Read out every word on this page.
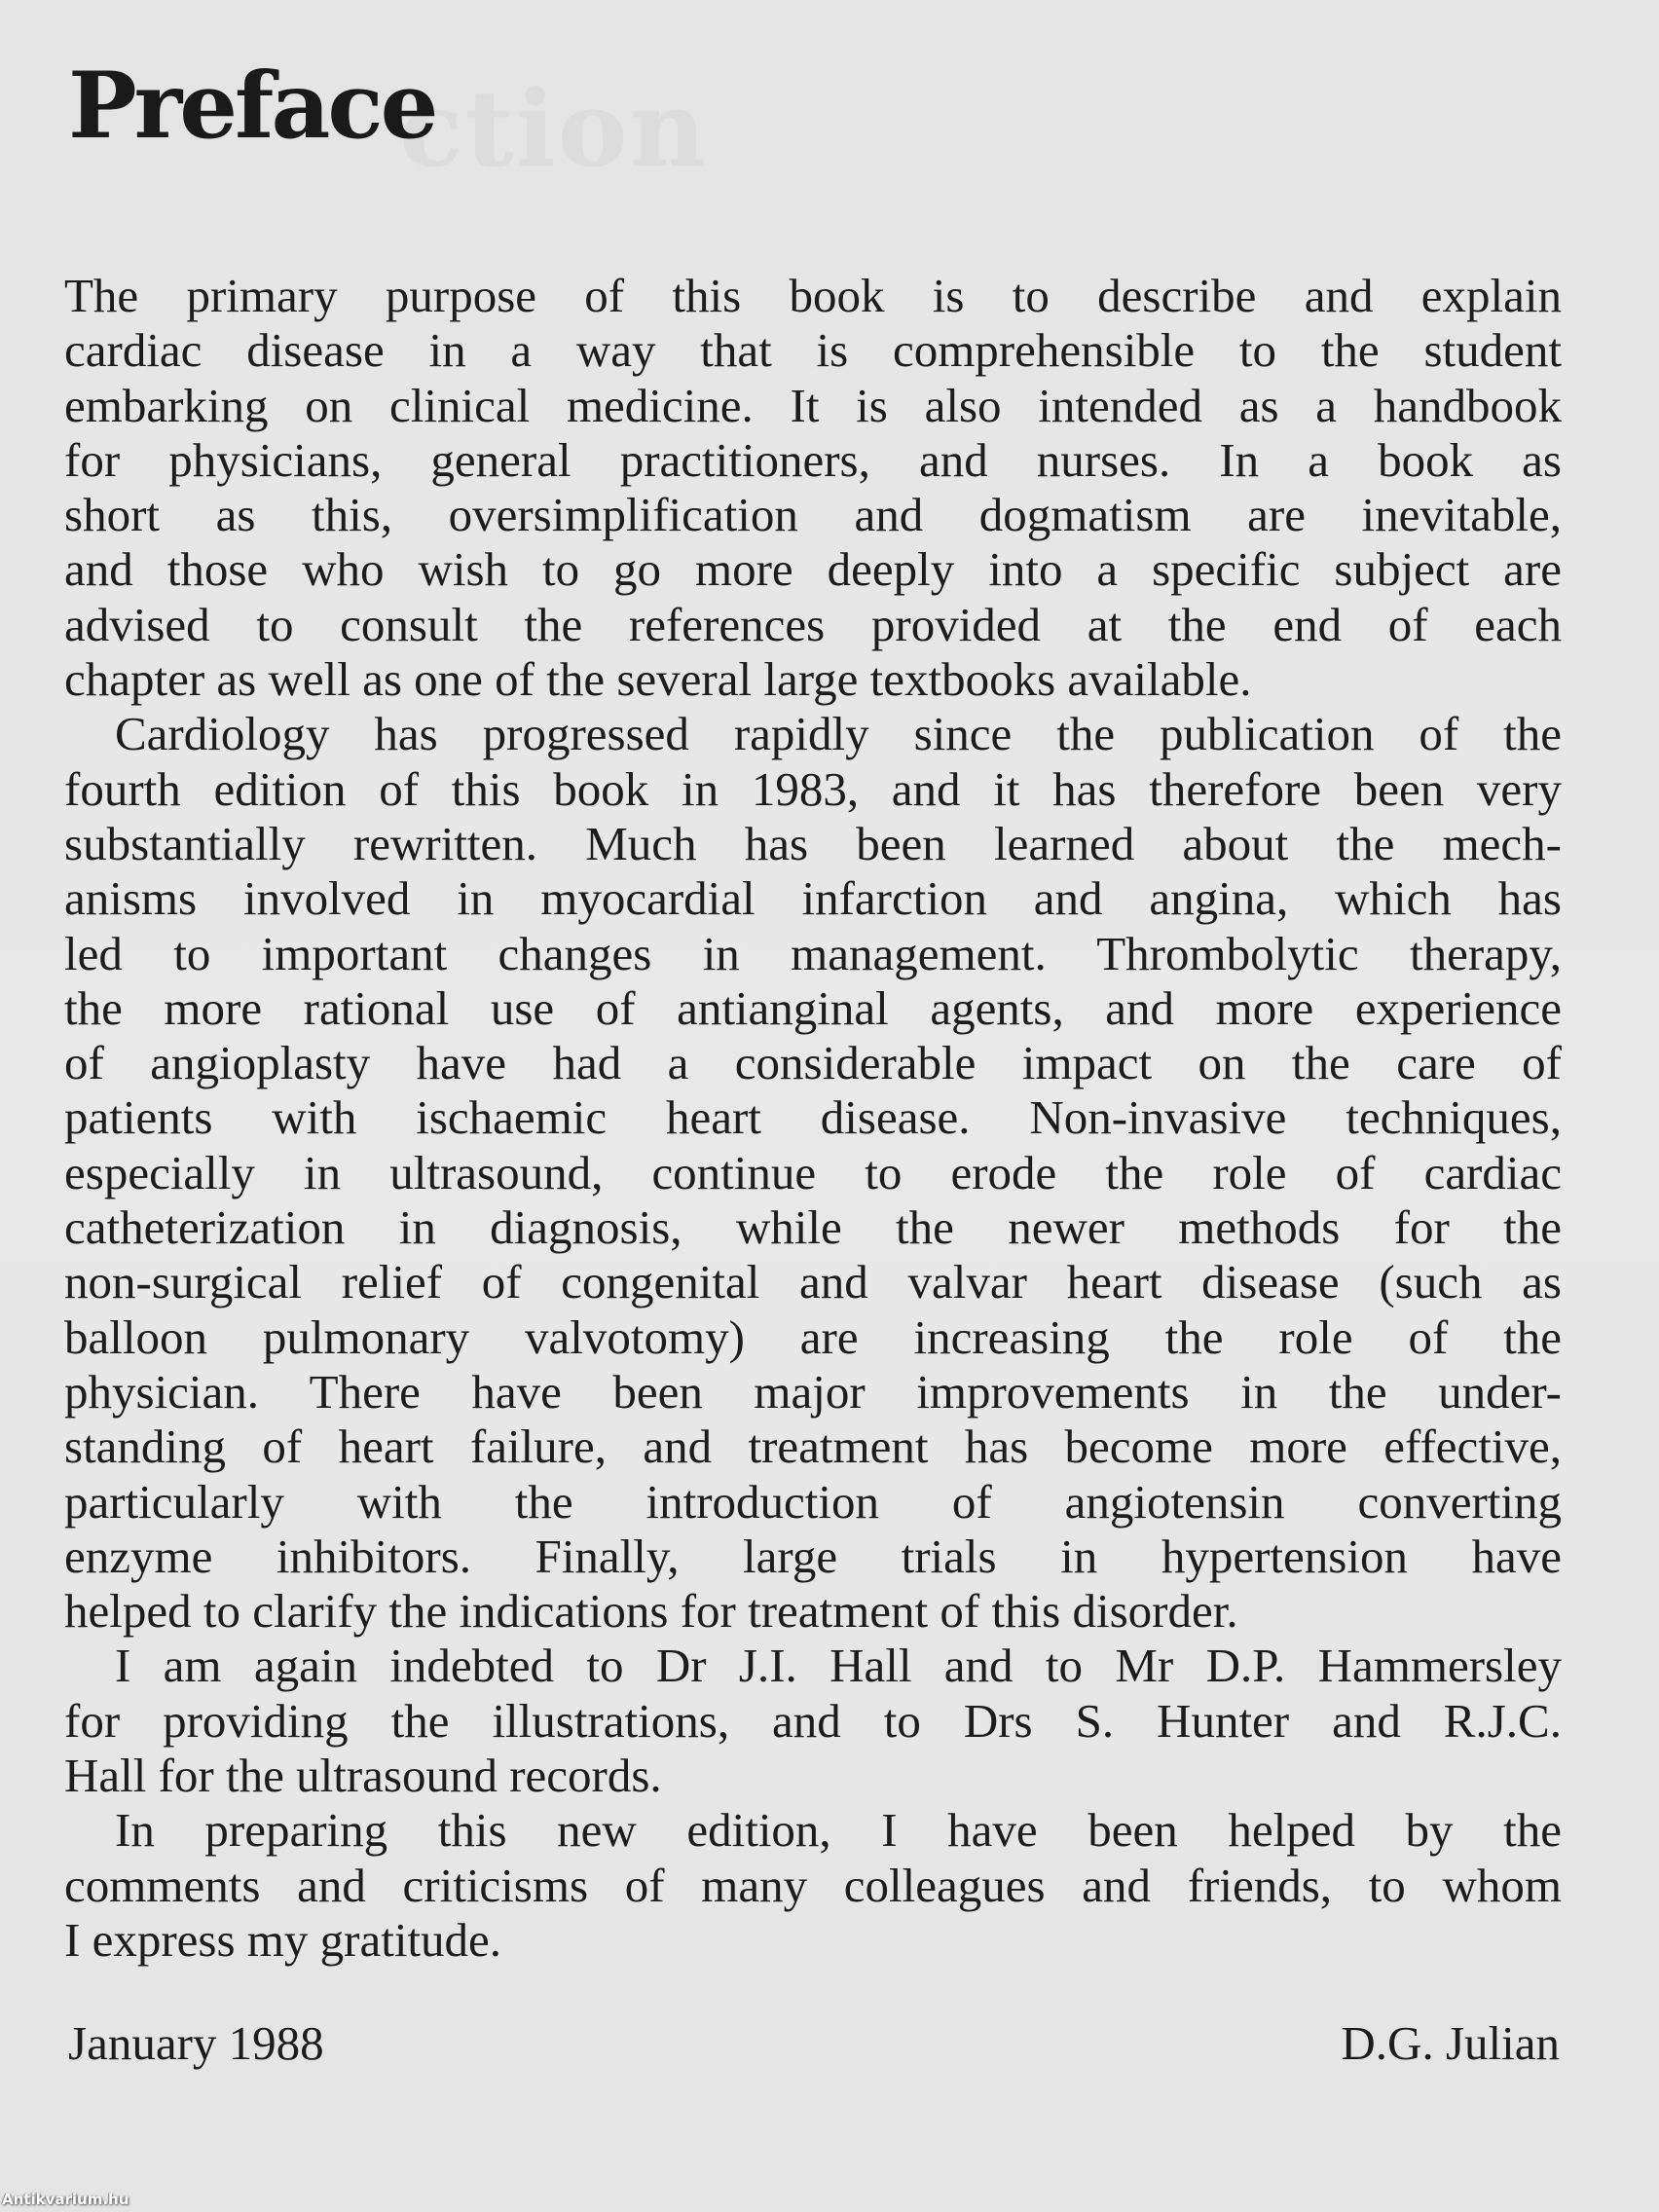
ction
Preface
The primary purpose of this book is to describe and explain
cardiac disease in a way that is comprehensible to the student
embarking on clinical medicine. It is also intended as a handbook
for physicians, general practitioners, and nurses. In a book as
short as this, oversimplification and dogmatism are inevitable,
and those who wish to go more deeply into a specific subject are
advised to consult the references provided at the end of each
chapter as well as one of the several large textbooks available.
Cardiology has progressed rapidly since the publication of the
fourth edition of this book in 1983, and it has therefore been very
substantially rewritten. Much has been learned about the mech-
anisms involved in myocardial infarction and angina, which has
led to important changes in management. Thrombolytic therapy,
the more rational use of antianginal agents, and more experience
of angioplasty have had a considerable impact on the care of
patients with ischaemic heart disease. Non-invasive techniques,
especially in ultrasound, continue to erode the role of cardiac
catheterization in diagnosis, while the newer methods for the
non-surgical relief of congenital and valvar heart disease (such as
balloon pulmonary valvotomy) are increasing the role of the
physician. There have been major improvements in the under-
standing of heart failure, and treatment has become more effective,
particularly with the introduction of angiotensin converting
enzyme inhibitors. Finally, large trials in hypertension have
helped to clarify the indications for treatment of this disorder.
I am again indebted to Dr J.I. Hall and to Mr D.P. Hammersley
for providing the illustrations, and to Drs S. Hunter and R.J.C.
Hall for the ultrasound records.
In preparing this new edition, I have been helped by the
comments and criticisms of many colleagues and friends, to whom
I express my gratitude.
January 1988	D.G. Julian
Antikvarium.hu
